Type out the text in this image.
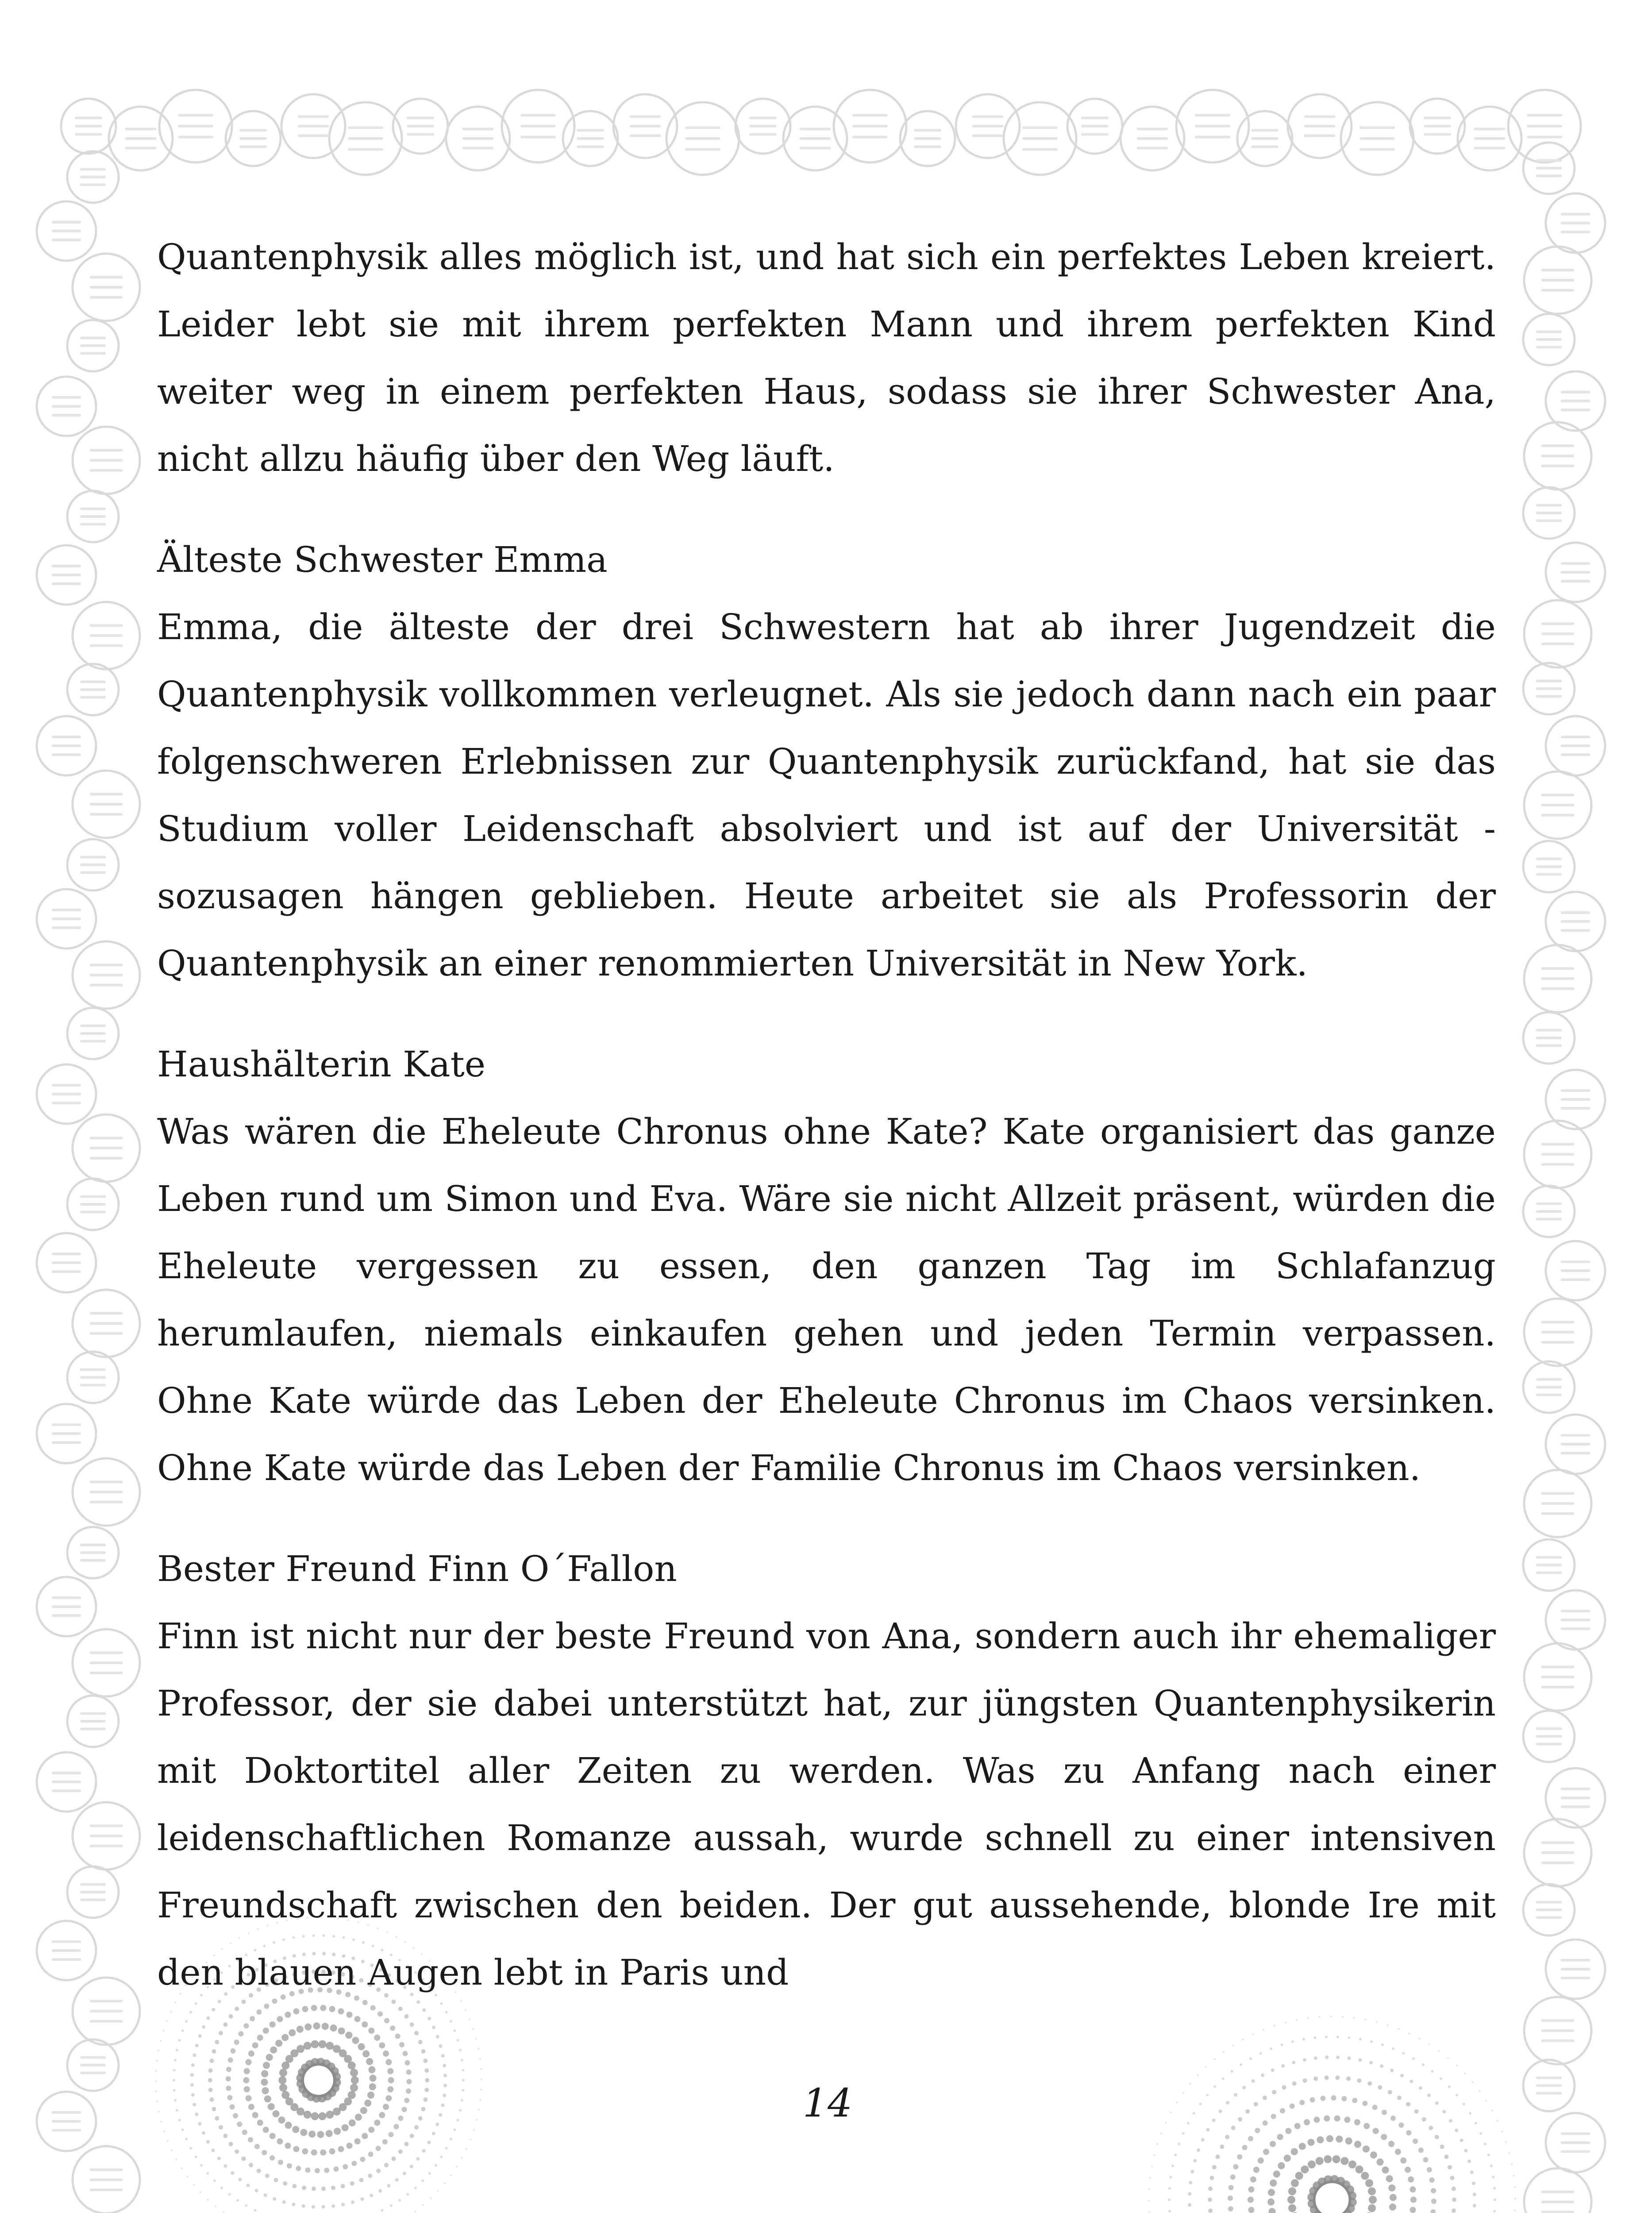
Quantenphysik alles möglich ist, und hat sich ein perfektes Leben kreiert. Leider lebt sie mit ihrem perfekten Mann und ihrem perfekten Kind weiter weg in einem perfekten Haus, sodass sie ihrer Schwester Ana, nicht allzu häufig über den Weg läuft.

Älteste Schwester Emma

Emma, die älteste der drei Schwestern hat ab ihrer Jugendzeit die Quantenphysik vollkommen verleugnet. Als sie jedoch dann nach ein paar folgenschweren Erlebnissen zur Quantenphysik zurückfand, hat sie das Studium voller Leidenschaft absolviert und ist auf der Universität - sozusagen hängen geblieben. Heute arbeitet sie als Professorin der Quantenphysik an einer renommierten Universität in New York.

Haushälterin Kate

Was wären die Eheleute Chronus ohne Kate? Kate organisiert das ganze Leben rund um Simon und Eva. Wäre sie nicht Allzeit präsent, würden die Eheleute vergessen zu essen, den ganzen Tag im Schlafanzug herumlaufen, niemals einkaufen gehen und jeden Termin verpassen. Ohne Kate würde das Leben der Eheleute Chronus im Chaos versinken. Ohne Kate würde das Leben der Familie Chronus im Chaos versinken.

Bester Freund Finn O´Fallon

Finn ist nicht nur der beste Freund von Ana, sondern auch ihr ehemaliger Professor, der sie dabei unterstützt hat, zur jüngsten Quantenphysikerin mit Doktortitel aller Zeiten zu werden. Was zu Anfang nach einer leidenschaftlichen Romanze aussah, wurde schnell zu einer intensiven Freundschaft zwischen den beiden. Der gut aussehende, blonde Ire mit den blauen Augen lebt in Paris und

14
